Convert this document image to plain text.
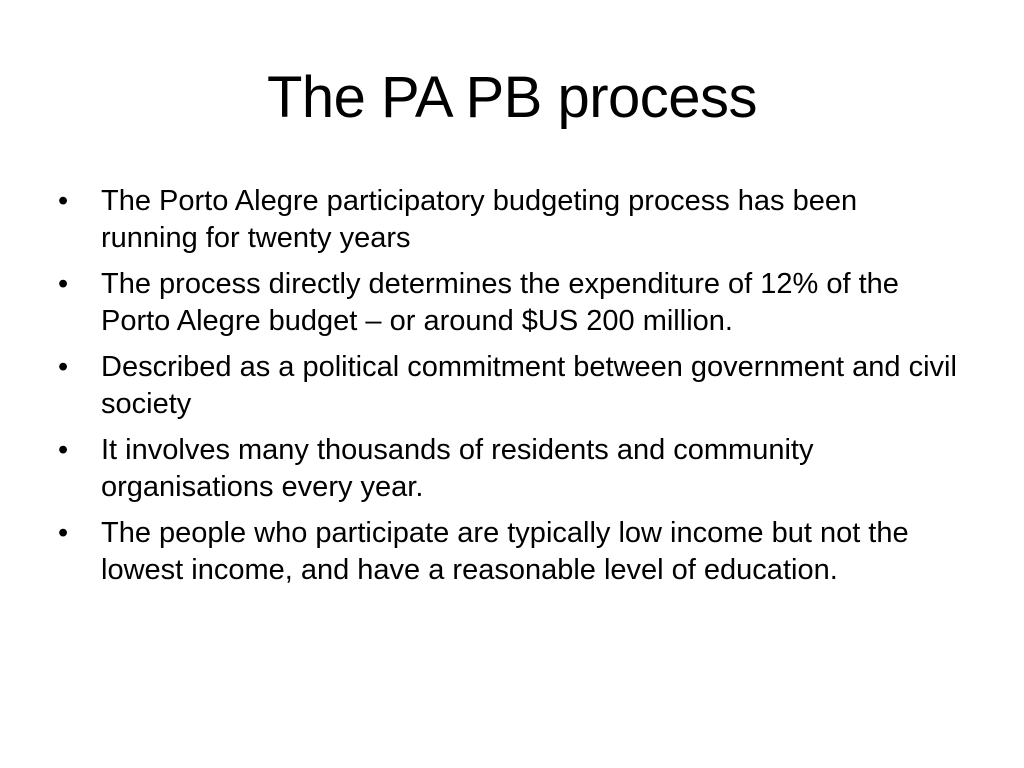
The PA PB process
•	The Porto Alegre participatory budgeting process has been running for twenty years
•	The process directly determines the expenditure of 12% of the Porto Alegre budget – or around $US 200 million.
•	Described as a political commitment between government and civil society
•	It involves many thousands of residents and community organisations every year.
•	The people who participate are typically low income but not the lowest income, and have a reasonable level of education.
